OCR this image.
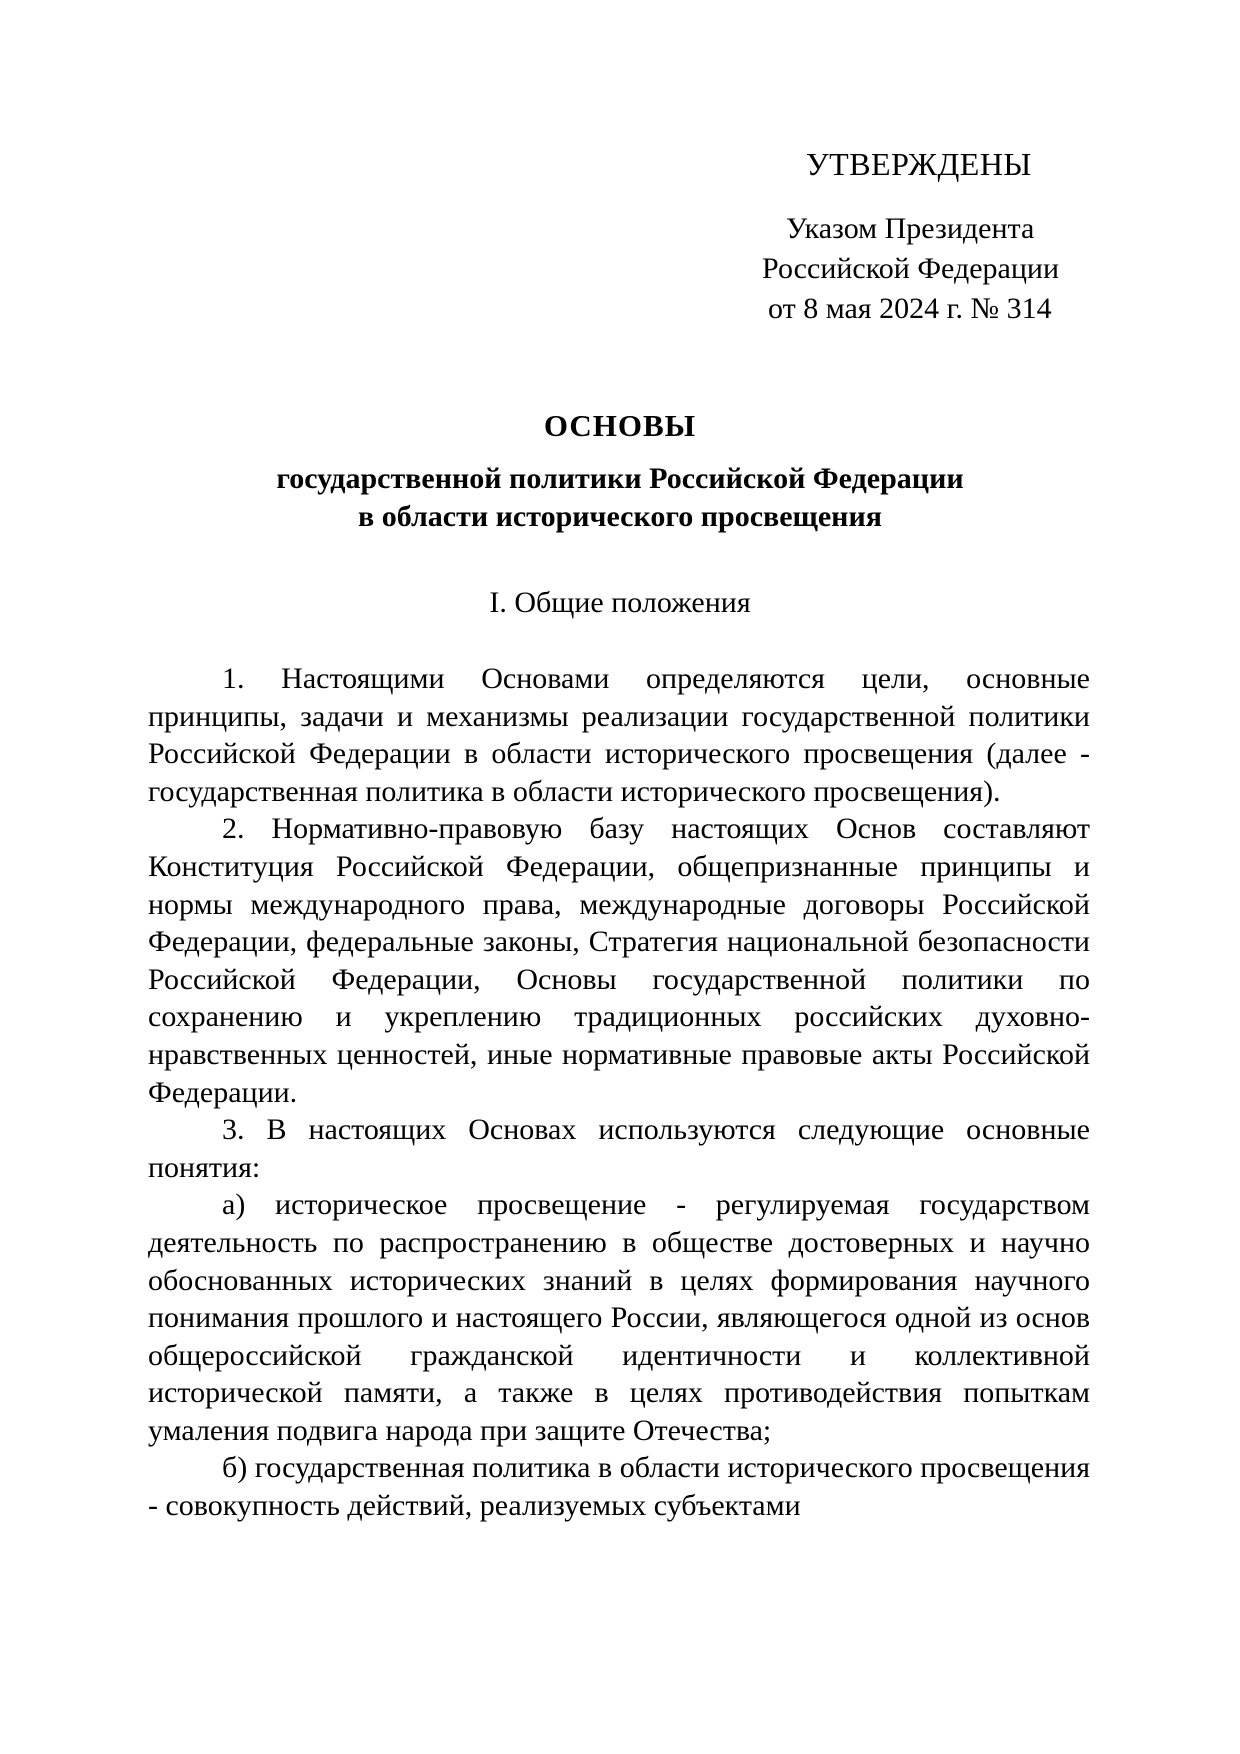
УТВЕРЖДЕНЫ
Указом Президента
Российской Федерации
от 8 мая 2024 г. № 314
ОСНОВЫ
государственной политики Российской Федерации
в области исторического просвещения
I. Общие положения

1. Настоящими Основами определяются цели, основные принципы, задачи и механизмы реализации государственной политики Российской Федерации в области исторического просвещения (далее - государственная политика в области исторического просвещения).

2. Нормативно-правовую базу настоящих Основ составляют Конституция Российской Федерации, общепризнанные принципы и нормы международного права, международные договоры Российской Федерации, федеральные законы, Стратегия национальной безопасности Российской Федерации, Основы государственной политики по сохранению и укреплению традиционных российских духовно-нравственных ценностей, иные нормативные правовые акты Российской Федерации.

3. В настоящих Основах используются следующие основные понятия:

а) историческое просвещение - регулируемая государством деятельность по распространению в обществе достоверных и научно обоснованных исторических знаний в целях формирования научного понимания прошлого и настоящего России, являющегося одной из основ общероссийской гражданской идентичности и коллективной исторической памяти, а также в целях противодействия попыткам умаления подвига народа при защите Отечества;

б) государственная политика в области исторического просвещения - совокупность действий, реализуемых субъектами
